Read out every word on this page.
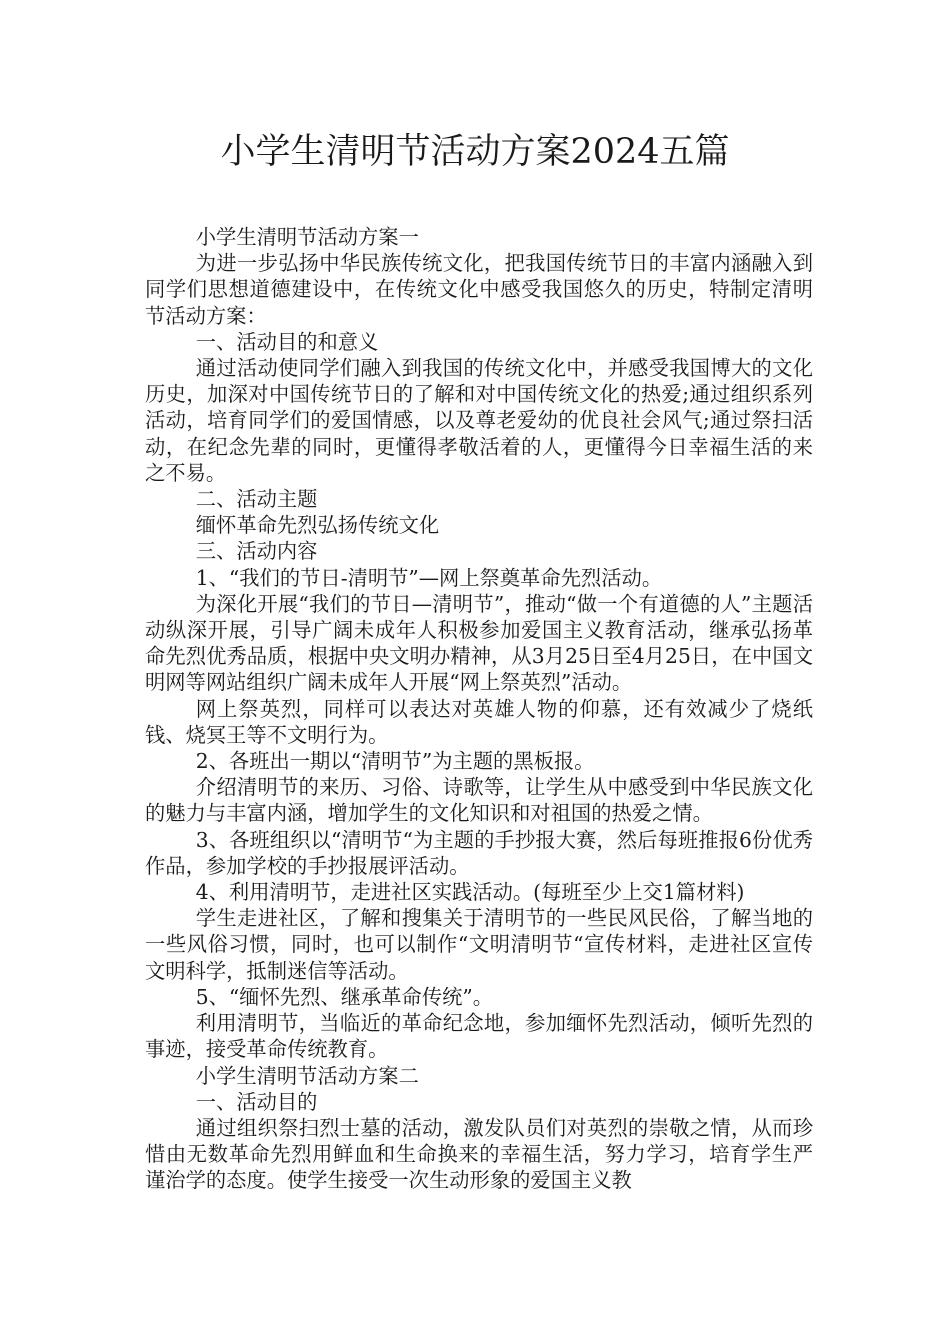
小学生清明节活动方案2024五篇

小学生清明节活动方案一

为进一步弘扬中华民族传统文化，把我国传统节日的丰富内涵融入到同学们思想道德建设中，在传统文化中感受我国悠久的历史，特制定清明节活动方案：

一、活动目的和意义

通过活动使同学们融入到我国的传统文化中，并感受我国博大的文化历史，加深对中国传统节日的了解和对中国传统文化的热爱;通过组织系列活动，培育同学们的爱国情感，以及尊老爱幼的优良社会风气;通过祭扫活动，在纪念先辈的同时，更懂得孝敬活着的人，更懂得今日幸福生活的来之不易。

二、活动主题

缅怀革命先烈弘扬传统文化

三、活动内容

1、“我们的节日-清明节”—网上祭奠革命先烈活动。

为深化开展“我们的节日—清明节”，推动“做一个有道德的人”主题活动纵深开展，引导广阔未成年人积极参加爱国主义教育活动，继承弘扬革命先烈优秀品质，根据中央文明办精神，从3月25日至4月25日，在中国文明网等网站组织广阔未成年人开展“网上祭英烈”活动。

网上祭英烈，同样可以表达对英雄人物的仰慕，还有效减少了烧纸钱、烧冥王等不文明行为。

2、各班出一期以“清明节”为主题的黑板报。

介绍清明节的来历、习俗、诗歌等，让学生从中感受到中华民族文化的魅力与丰富内涵，增加学生的文化知识和对祖国的热爱之情。

3、各班组织以“清明节“为主题的手抄报大赛，然后每班推报6份优秀作品，参加学校的手抄报展评活动。

4、利用清明节，走进社区实践活动。(每班至少上交1篇材料)

学生走进社区，了解和搜集关于清明节的一些民风民俗，了解当地的一些风俗习惯，同时，也可以制作“文明清明节“宣传材料，走进社区宣传文明科学，抵制迷信等活动。

5、“缅怀先烈、继承革命传统”。

利用清明节，当临近的革命纪念地，参加缅怀先烈活动，倾听先烈的事迹，接受革命传统教育。

小学生清明节活动方案二

一、活动目的

通过组织祭扫烈士墓的活动，激发队员们对英烈的崇敬之情，从而珍惜由无数革命先烈用鲜血和生命换来的幸福生活，努力学习，培育学生严谨治学的态度。使学生接受一次生动形象的爱国主义教
